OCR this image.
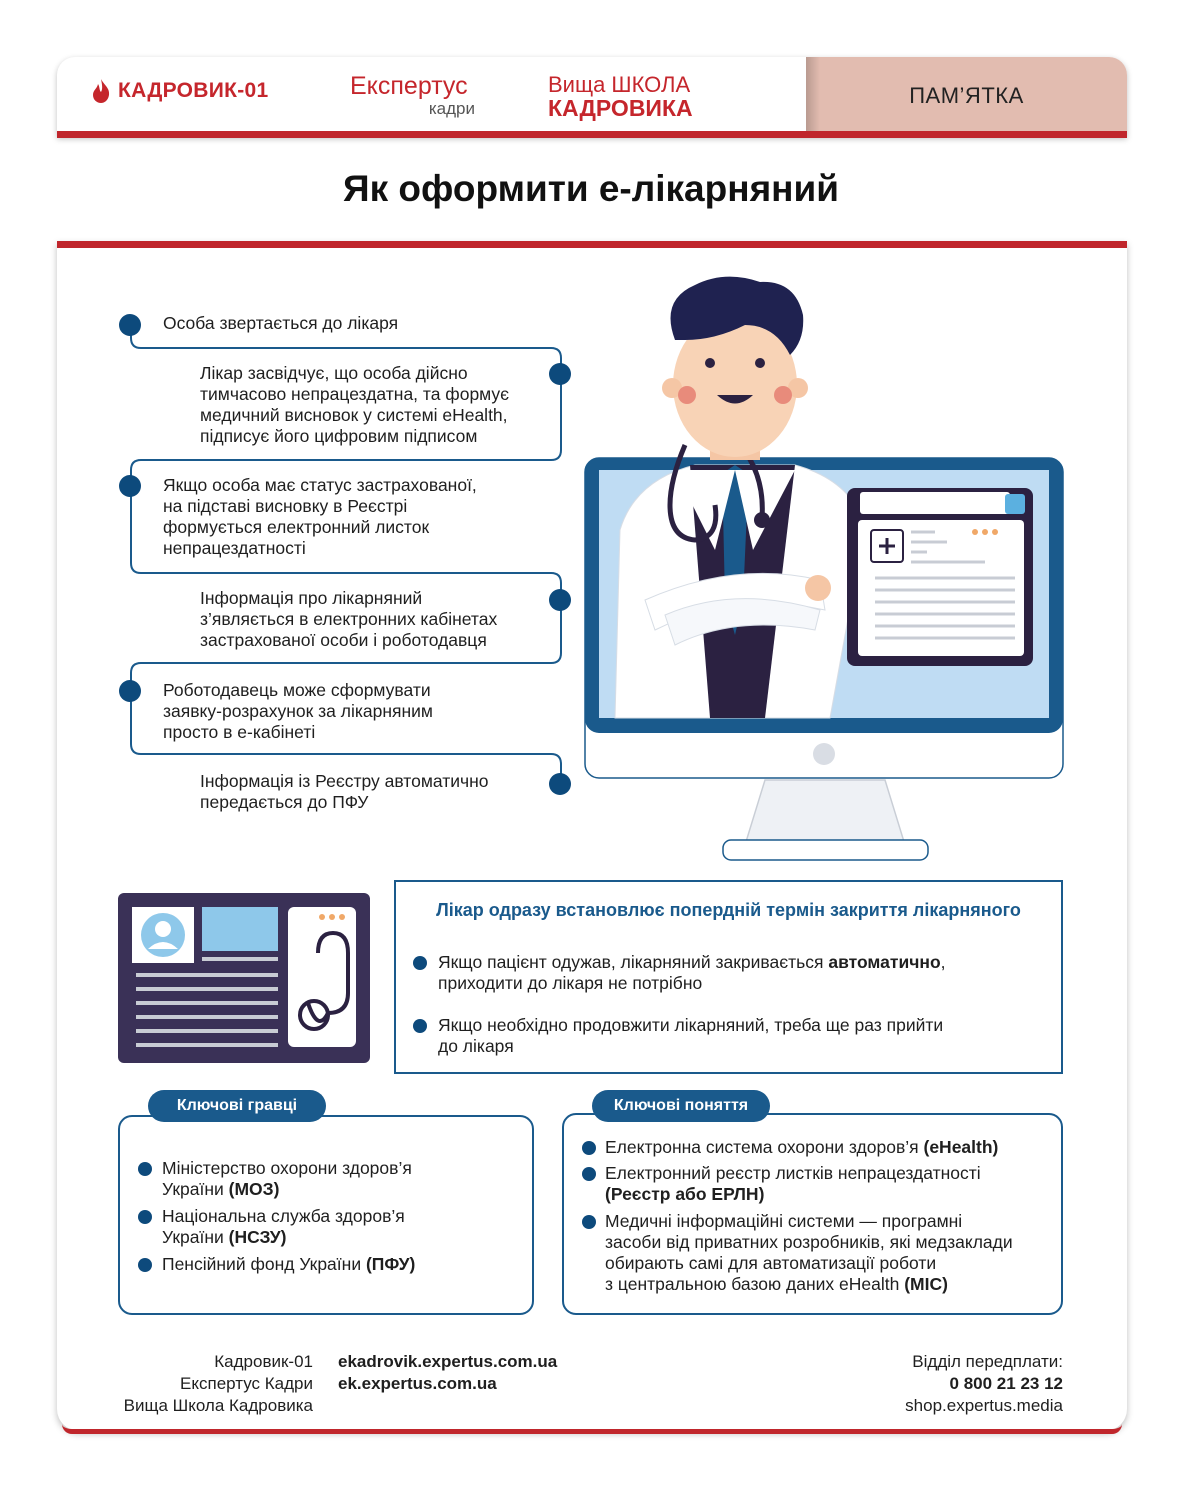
ПАМ’ЯТКА
КАДРОВИК-01	Експертус
кадри
Вища ШКОЛА
КАДРОВИКА
Як оформити е-лікарняний
Особа звертається до лікаря
Лікар засвідчує, що особа дійсно
тимчасово непрацездатна, та формує
медичний висновок у системі eHealth,
підписує його цифровим підписом
Якщо особа має статус застрахованої,
на підставі висновку в Реєстрі
формується електронний листок
непрацездатності
Інформація про лікарняний
з’являється в електронних кабінетах
застрахованої особи і роботодавця
Роботодавець може сформувати
заявку-розрахунок за лікарняним
просто в е-кабінеті
Інформація із Реєстру автоматично
передається до ПФУ
Лікар одразу встановлює попердній термін закриття лікарняного
Якщо пацієнт одужав, лікарняний закривається автоматично,
приходити до лікаря не потрібно
Якщо необхідно продовжити лікарняний, треба ще раз прийти
до лікаря
Ключові гравці
Міністерство охорони здоров’я
України (МОЗ)
Національна служба здоров’я
України (НСЗУ)
Пенсійний фонд України (ПФУ)
Ключові поняття
Електронна система охорони здоров’я (eHealth)
Електронний реєстр листків непрацездатності
(Реєстр або ЕРЛН)
Медичні інформаційні системи — програмні
засоби від приватних розробників, які медзаклади
обирають самі для автоматизації роботи
з центральною базою даних eHealth (МІС)
Кадровик-01
Експертус Кадри
Вища Школа Кадровика
ekadrovik.expertus.com.ua
ek.expertus.com.ua
Відділ передплати:
0 800 21 23 12
shop.expertus.media
